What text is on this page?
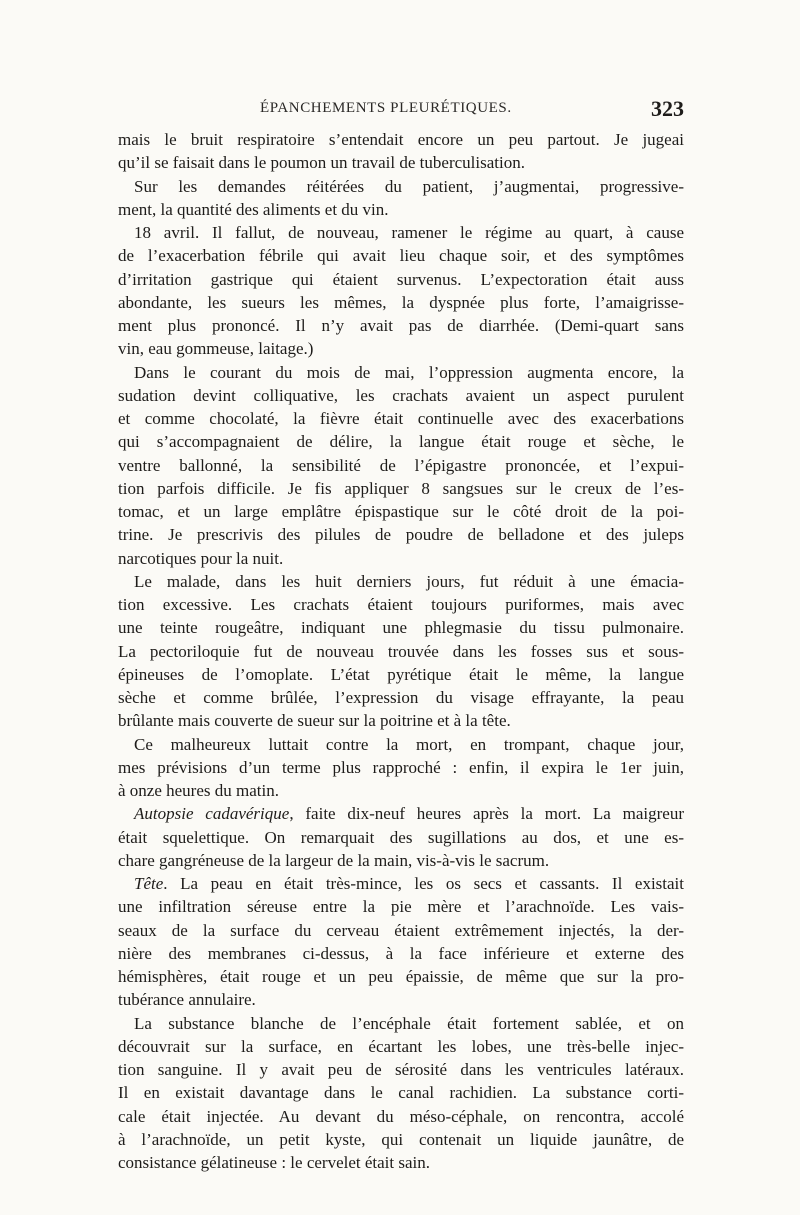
ÉPANCHEMENTS PLEURÉTIQUES.	323
mais le bruit respiratoire s’entendait encore un peu partout. Je jugeai
qu’il se faisait dans le poumon un travail de tuberculisation.
Sur les demandes réitérées du patient, j’augmentai, progressive-
ment, la quantité des aliments et du vin.
18 avril. Il fallut, de nouveau, ramener le régime au quart, à cause
de l’exacerbation fébrile qui avait lieu chaque soir, et des symptômes
d’irritation gastrique qui étaient survenus. L’expectoration était auss
abondante, les sueurs les mêmes, la dyspnée plus forte, l’amaigrisse-
ment plus prononcé. Il n’y avait pas de diarrhée. (Demi-quart sans
vin, eau gommeuse, laitage.)
Dans le courant du mois de mai, l’oppression augmenta encore, la
sudation devint colliquative, les crachats avaient un aspect purulent
et comme chocolaté, la fièvre était continuelle avec des exacerbations
qui s’accompagnaient de délire, la langue était rouge et sèche, le
ventre ballonné, la sensibilité de l’épigastre prononcée, et l’expui-
tion parfois difficile. Je fis appliquer 8 sangsues sur le creux de l’es-
tomac, et un large emplâtre épispastique sur le côté droit de la poi-
trine. Je prescrivis des pilules de poudre de belladone et des juleps
narcotiques pour la nuit.
Le malade, dans les huit derniers jours, fut réduit à une émacia-
tion excessive. Les crachats étaient toujours puriformes, mais avec
une teinte rougeâtre, indiquant une phlegmasie du tissu pulmonaire.
La pectoriloquie fut de nouveau trouvée dans les fosses sus et sous-
épineuses de l’omoplate. L’état pyrétique était le même, la langue
sèche et comme brûlée, l’expression du visage effrayante, la peau
brûlante mais couverte de sueur sur la poitrine et à la tête.
Ce malheureux luttait contre la mort, en trompant, chaque jour,
mes prévisions d’un terme plus rapproché : enfin, il expira le 1er juin,
à onze heures du matin.
Autopsie cadavérique, faite dix-neuf heures après la mort. La maigreur
était squelettique. On remarquait des sugillations au dos, et une es-
chare gangréneuse de la largeur de la main, vis-à-vis le sacrum.
Tête. La peau en était très-mince, les os secs et cassants. Il existait
une infiltration séreuse entre la pie mère et l’arachnoïde. Les vais-
seaux de la surface du cerveau étaient extrêmement injectés, la der-
nière des membranes ci-dessus, à la face inférieure et externe des
hémisphères, était rouge et un peu épaissie, de même que sur la pro-
tubérance annulaire.
La substance blanche de l’encéphale était fortement sablée, et on
découvrait sur la surface, en écartant les lobes, une très-belle injec-
tion sanguine. Il y avait peu de sérosité dans les ventricules latéraux.
Il en existait davantage dans le canal rachidien. La substance corti-
cale était injectée. Au devant du méso-céphale, on rencontra, accolé
à l’arachnoïde, un petit kyste, qui contenait un liquide jaunâtre, de
consistance gélatineuse : le cervelet était sain.
